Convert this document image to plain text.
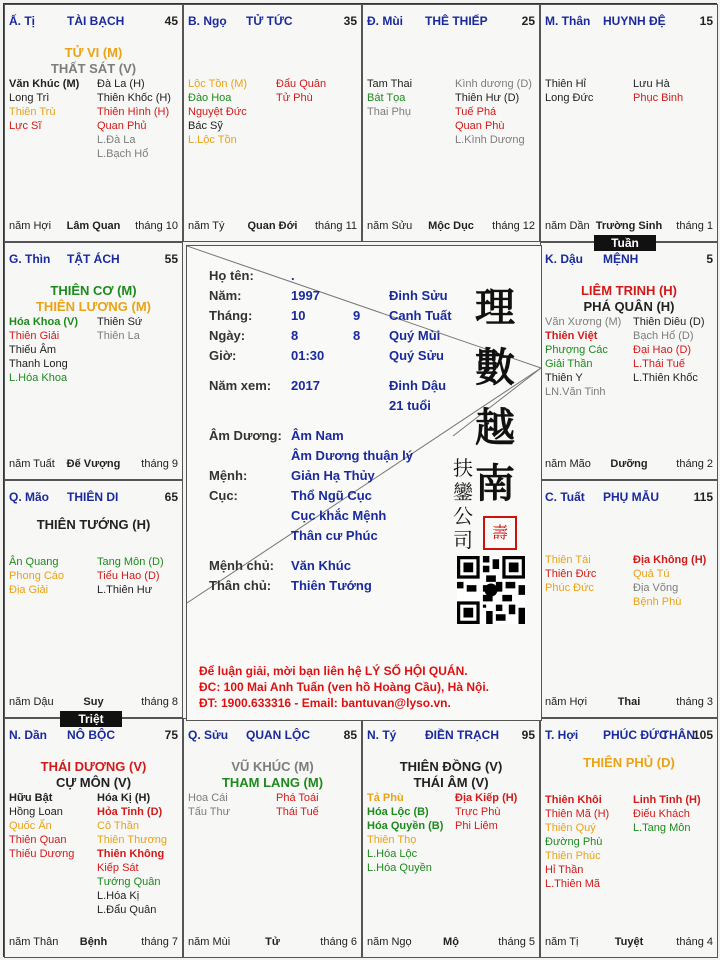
Ấ. Tị	TÀI BẠCH	45
TỬ VI (M)
THẤT SÁT (V)
Văn Khúc (M)
Long Trì
Thiên Trù
Lực Sĩ
Đà La (H)
Thiên Khốc (H)
Thiên Hình (H)
Quan Phủ
L.Đà La
L.Bạch Hổ
năm Hợi	Lâm Quan	tháng 10
B. Ngọ TỬ TỨC	35
Lộc Tồn (M)
Đào Hoa
Nguyệt Đức
Bác Sỹ
L.Lộc Tồn
Đẩu Quân
Tử Phù
năm Tý	Quan Đới	tháng 11
Đ. Mùi THÊ THIẾP	25
Tam Thai
Bát Tọa
Thai Phụ
Kình dương (D)
Thiên Hư (D)
Tuế Phá
Quan Phù
L.Kình Dương
năm Sửu	Mộc Dục	tháng 12
M. Thân HUYNH ĐỆ	15
Thiên Hỉ
Long Đức
Lưu Hà
Phục Binh
năm Dần Trường Sinh	tháng 1
G. Thìn TẬT ÁCH	55
THIÊN CƠ (M)
THIÊN LƯƠNG (M)
Hóa Khoa (V)
Thiên Giải
Thiếu Âm
Thanh Long
L.Hóa Khoa
Thiên Sứ
Thiên La
năm Tuất	Đế Vượng	tháng 9
K. Dậu MỆNH	5
LIÊM TRINH (H)
PHÁ QUÂN (H)
Văn Xương (M)
Thiên Việt
Phượng Các
Giải Thần
Thiên Y
LN.Văn Tinh
Thiên Diêu (D)
Bạch Hổ (D)
Đại Hao (D)
L.Thái Tuế
L.Thiên Khốc
năm Mão	Dưỡng	tháng 2
Q. Mão THIÊN DI	65
THIÊN TƯỚNG (H)
Ân Quang
Phong Cáo
Địa Giải
Tang Môn (D)
Tiểu Hao (D)
L.Thiên Hư
năm Dậu	Suy	tháng 8
C. Tuất PHỤ MẪU	115
Thiên Tài
Thiên Đức
Phúc Đức
Địa Không (H)
Quả Tú
Địa Võng
Bệnh Phù
năm Hợi	Thai	tháng 3
N. Dần NÔ BỘC	75
THÁI DƯƠNG (V)
CỰ MÔN (V)
Hữu Bật
Hồng Loan
Quốc Ấn
Thiên Quan
Thiếu Dương
Hóa Kị (H)
Hỏa Tinh (D)
Cô Thần
Thiên Thương
Thiên Không
Kiếp Sát
Tướng Quân
L.Hóa Kị
L.Đẩu Quân
năm Thân	Bệnh	tháng 7
Q. Sửu QUAN LỘC	85
VŨ KHÚC (M)
THAM LANG (M)
Hoa Cái
Tấu Thư
Phá Toái
Thái Tuế
năm Mùi	Tử	tháng 6
N. Tý ĐIỀN TRẠCH 95
THIÊN ĐỒNG (V)
THÁI ÂM (V)
Tả Phù
Hóa Lộc (B)
Hóa Quyền (B)
Thiên Thọ
L.Hóa Lộc
L.Hóa Quyền
Địa Kiếp (H)
Trực Phù
Phi Liêm
năm Ngọ	Mộ	tháng 5
T. Hợi PHÚC ĐỨC 105
THÂN
THIÊN PHỦ (D)
Thiên Khôi
Thiên Mã (H)
Thiên Quý
Đường Phù
Thiên Phúc
Hỉ Thần
L.Thiên Mã
Linh Tinh (H)
Điếu Khách
L.Tang Môn
năm Tị	Tuyệt	tháng 4
Họ tên:	.
Năm:	1997	Đinh Sửu
Tháng:	10	9 Canh Tuất
Ngày:	8	8 Quý Mùi
Giờ:	01:30	Quý Sửu
Năm xem: 2017	Đinh Dậu
21 tuổi
Âm Dương: Âm Nam
Âm Dương thuận lý
Mệnh:	Giản Hạ Thủy
Cục:	Thổ Ngũ Cục
Cục khắc Mệnh
Thân cư Phúc
Mệnh chủ: Văn Khúc
Thân chủ: Thiên Tướng
理
數
越
南
扶
鑾
公
司	壽
Để luận giải, mời bạn liên hệ LÝ SỐ HỘI QUÁN.
ĐC: 100 Mai Anh Tuấn (ven hồ Hoàng Cầu), Hà Nội.
ĐT: 1900.633316 - Email: bantuvan@lyso.vn.
Tuần
Triệt
